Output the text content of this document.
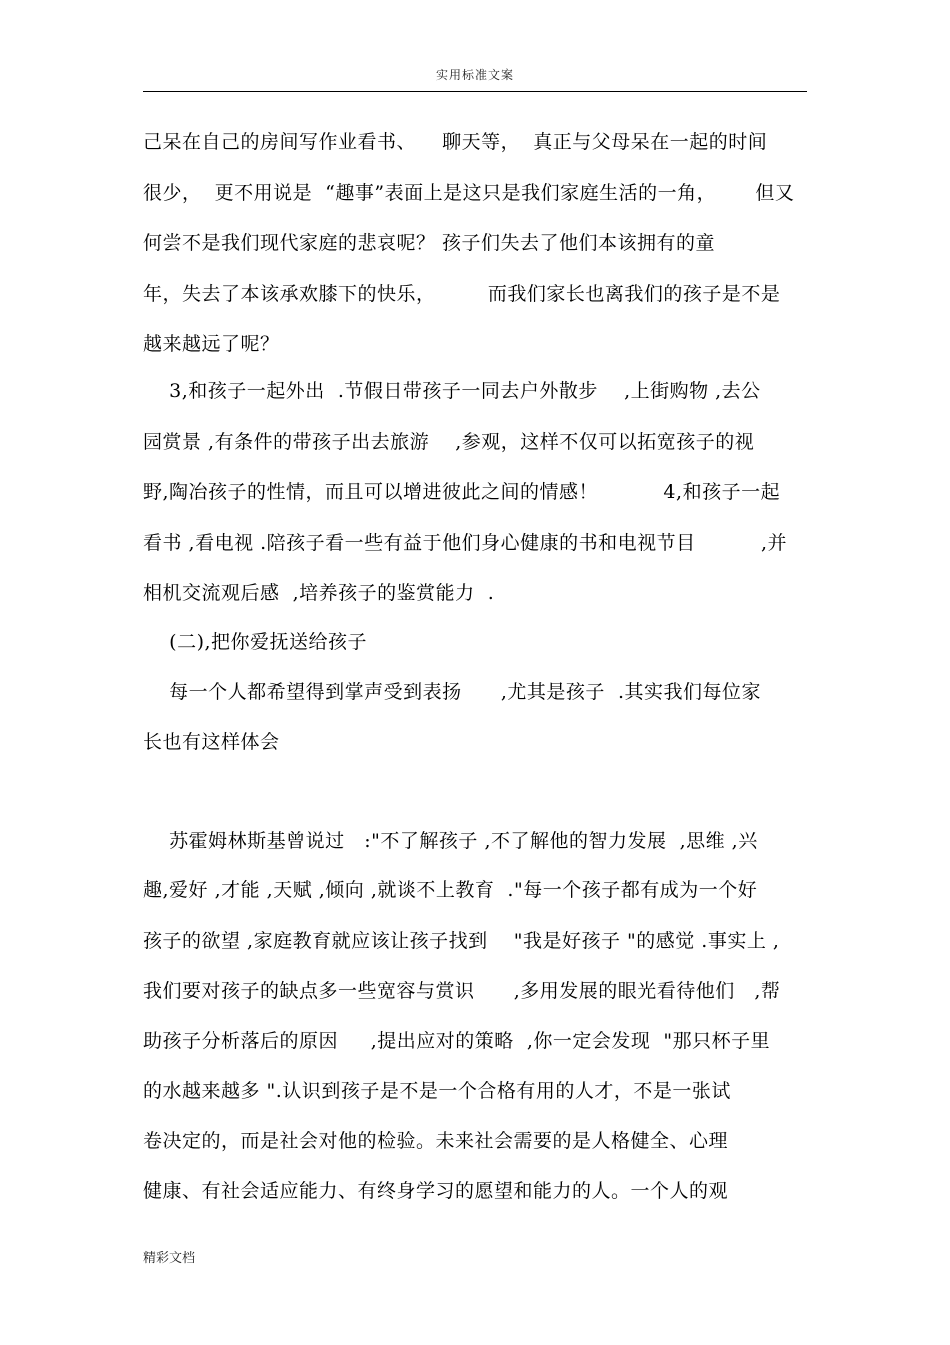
实用标准文案
己呆在自己的房间写作业看书、    聊天等，  真正与父母呆在一起的时间
很少，  更不用说是  “趣事”表面上是这只是我们家庭生活的一角，      但又
何尝不是我们现代家庭的悲哀呢？ 孩子们失去了他们本该拥有的童
年，失去了本该承欢膝下的快乐，        而我们家长也离我们的孩子是不是
越来越远了呢？
3,和孩子一起外出  .节假日带孩子一同去户外散步    ,上街购物 ,去公
园赏景 ,有条件的带孩子出去旅游    ,参观，这样不仅可以拓宽孩子的视
野,陶冶孩子的性情，而且可以增进彼此之间的情感！          4,和孩子一起
看书 ,看电视 .陪孩子看一些有益于他们身心健康的书和电视节目          ,并
相机交流观后感  ,培养孩子的鉴赏能力  .
(二),把你爱抚送给孩子
每一个人都希望得到掌声受到表扬      ,尤其是孩子  .其实我们每位家
长也有这样体会
苏霍姆林斯基曾说过   :"不了解孩子 ,不了解他的智力发展  ,思维 ,兴
趣,爱好 ,才能 ,天赋 ,倾向 ,就谈不上教育  ."每一个孩子都有成为一个好
孩子的欲望 ,家庭教育就应该让孩子找到    "我是好孩子 "的感觉 .事实上 ,
我们要对孩子的缺点多一些宽容与赏识      ,多用发展的眼光看待他们   ,帮
助孩子分析落后的原因     ,提出应对的策略  ,你一定会发现  "那只杯子里
的水越来越多 ".认识到孩子是不是一个合格有用的人才，不是一张试
卷决定的，而是社会对他的检验。未来社会需要的是人格健全、心理
健康、有社会适应能力、有终身学习的愿望和能力的人。一个人的观
精彩文档
